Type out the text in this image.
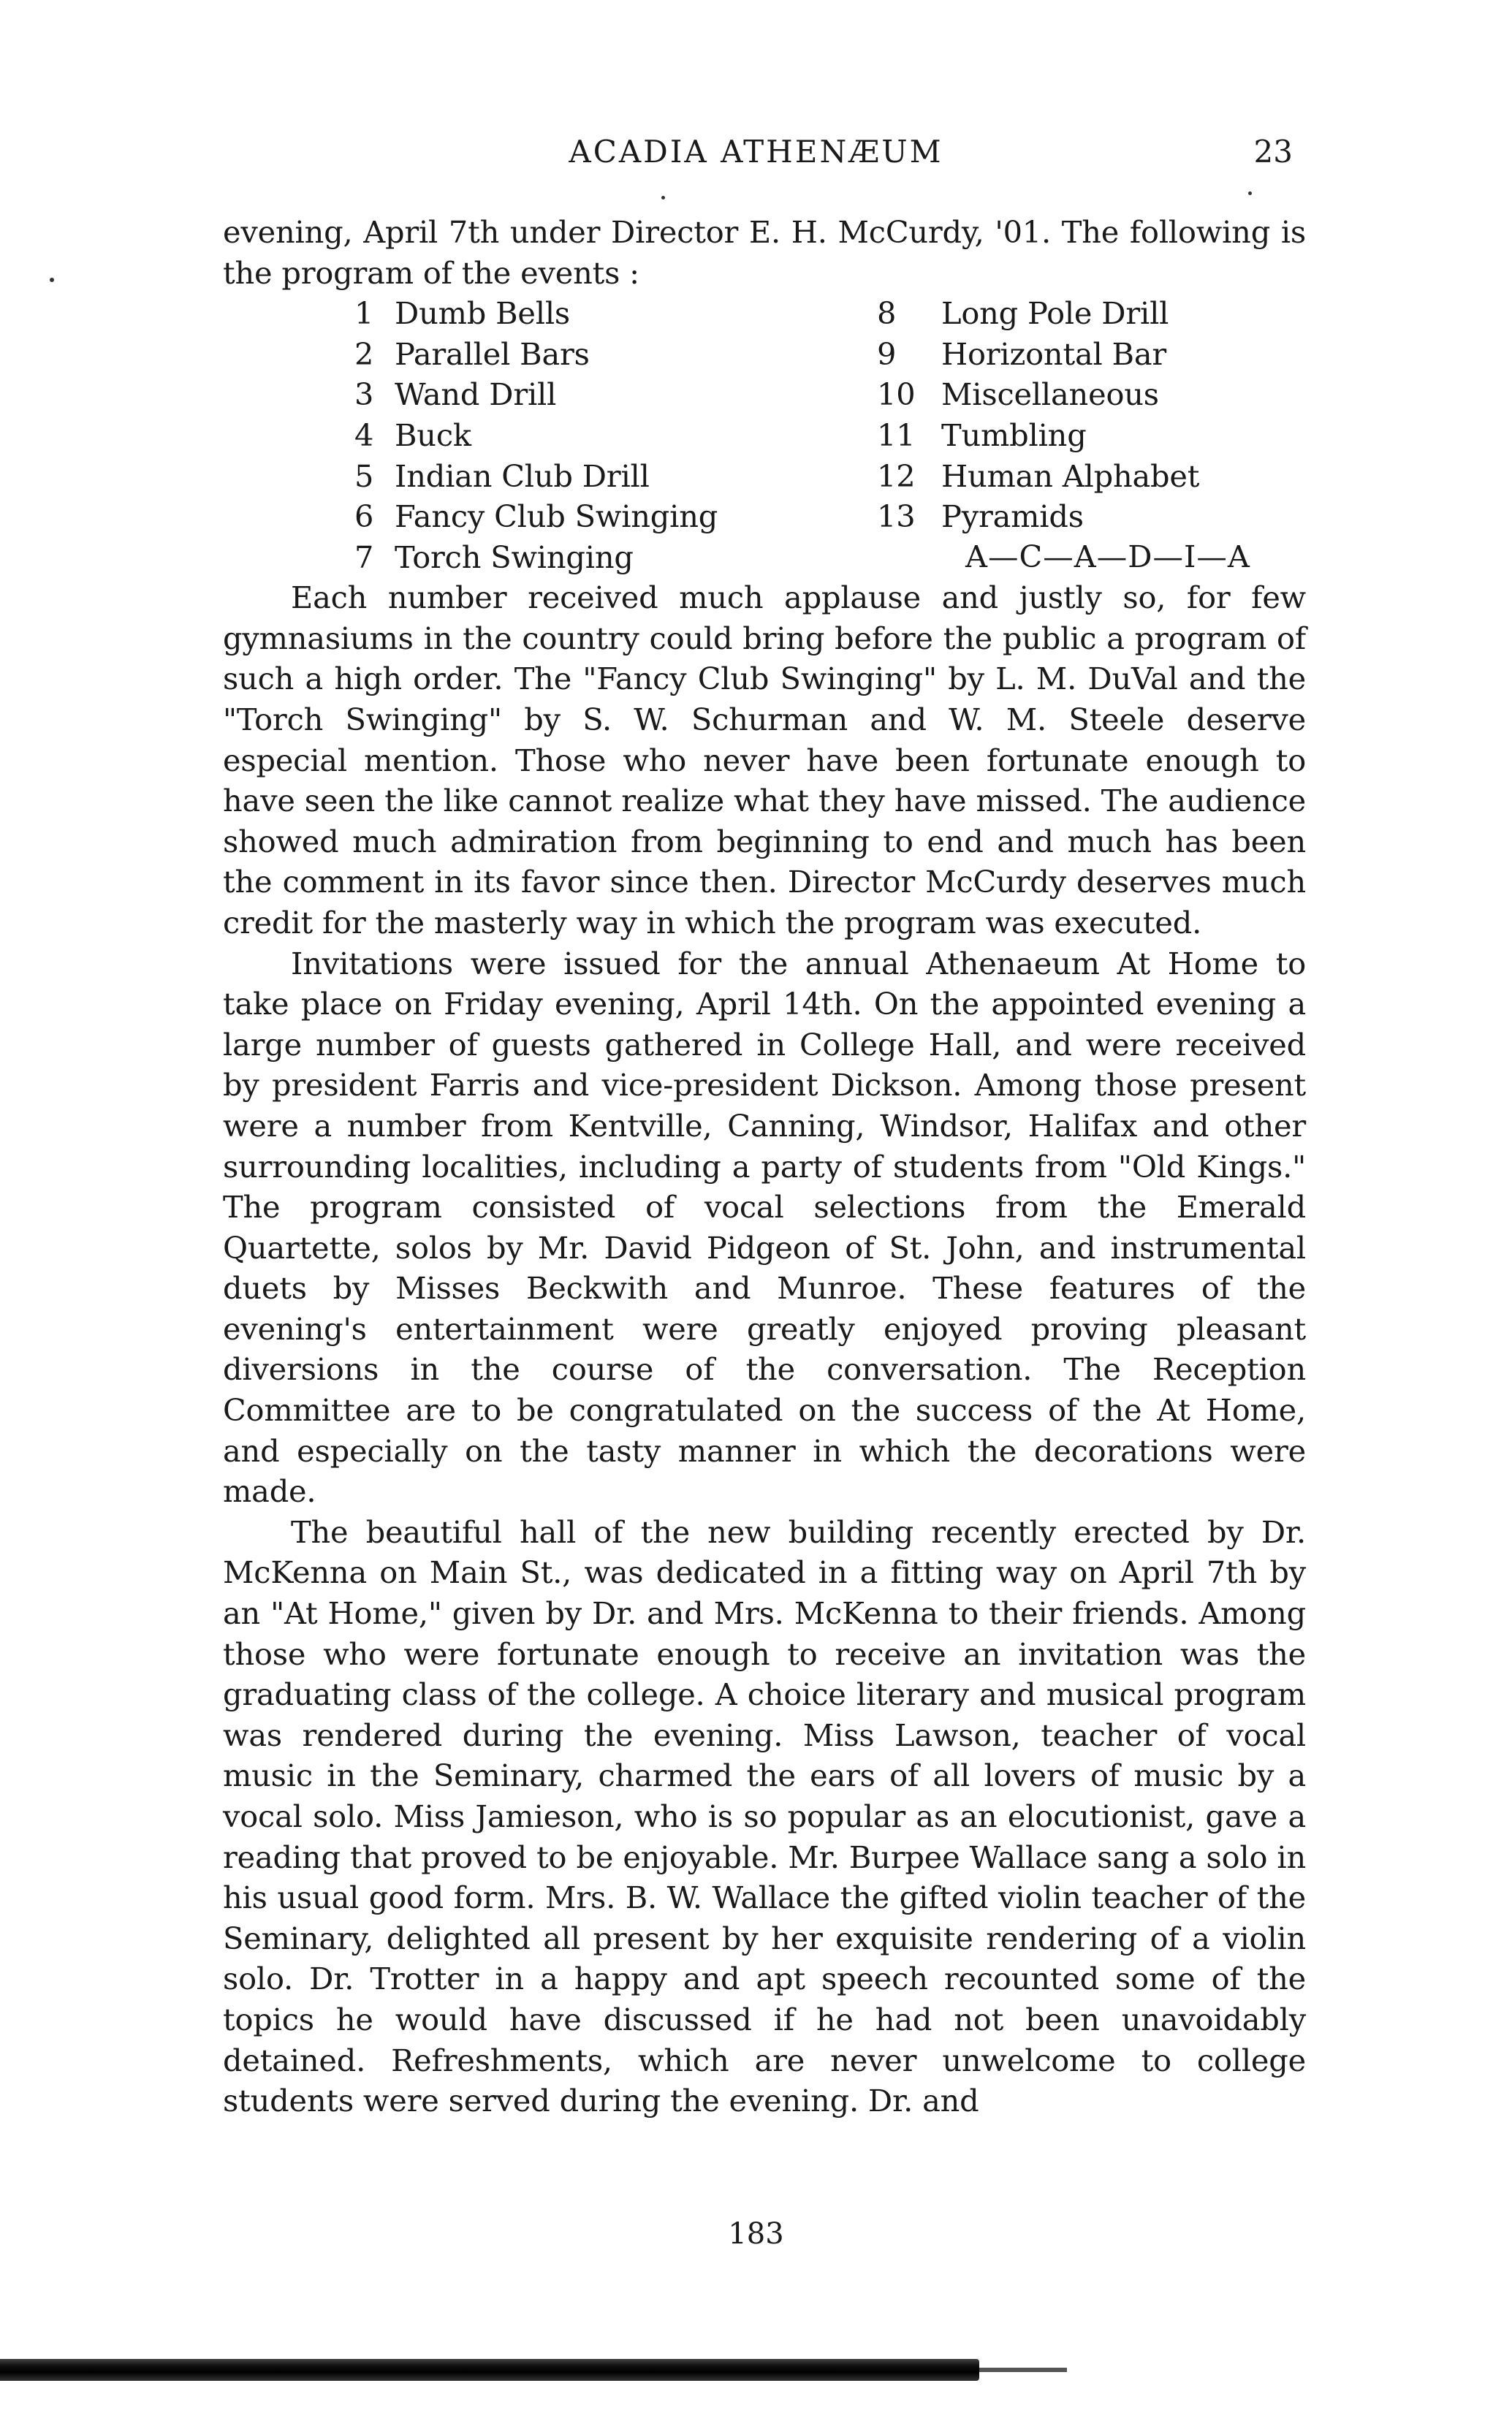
ACADIA ATHENÆUM	23

evening, April 7th under Director E. H. McCurdy, '01. The following is the program of the events :

1 Dumb Bells
2 Parallel Bars
3 Wand Drill
4 Buck
5 Indian Club Drill
6 Fancy Club Swinging
7 Torch Swinging
8 Long Pole Drill
9 Horizontal Bar
10 Miscellaneous
11 Tumbling
12 Human Alphabet
13 Pyramids
A—C—A—D—I—A

Each number received much applause and justly so, for few gymnasiums in the country could bring before the public a program of such a high order. The "Fancy Club Swinging" by L. M. DuVal and the "Torch Swinging" by S. W. Schurman and W. M. Steele deserve especial mention. Those who never have been fortunate enough to have seen the like cannot realize what they have missed. The audience showed much admiration from beginning to end and much has been the comment in its favor since then. Director McCurdy deserves much credit for the masterly way in which the program was executed.

Invitations were issued for the annual Athenaeum At Home to take place on Friday evening, April 14th. On the appointed evening a large number of guests gathered in College Hall, and were received by president Farris and vice-president Dickson. Among those present were a number from Kentville, Canning, Windsor, Halifax and other surrounding localities, including a party of students from "Old Kings." The program consisted of vocal selections from the Emerald Quartette, solos by Mr. David Pidgeon of St. John, and instrumental duets by Misses Beckwith and Munroe. These features of the evening's entertainment were greatly enjoyed proving pleasant diversions in the course of the conversation. The Reception Committee are to be congratulated on the success of the At Home, and especially on the tasty manner in which the decorations were made.

The beautiful hall of the new building recently erected by Dr. McKenna on Main St., was dedicated in a fitting way on April 7th by an "At Home," given by Dr. and Mrs. McKenna to their friends. Among those who were fortunate enough to receive an invitation was the graduating class of the college. A choice literary and musical program was rendered during the evening. Miss Lawson, teacher of vocal music in the Seminary, charmed the ears of all lovers of music by a vocal solo. Miss Jamieson, who is so popular as an elocutionist, gave a reading that proved to be enjoyable. Mr. Burpee Wallace sang a solo in his usual good form. Mrs. B. W. Wallace the gifted violin teacher of the Seminary, delighted all present by her exquisite rendering of a violin solo. Dr. Trotter in a happy and apt speech recounted some of the topics he would have discussed if he had not been unavoidably detained. Refreshments, which are never unwelcome to college students were served during the evening. Dr. and

183
